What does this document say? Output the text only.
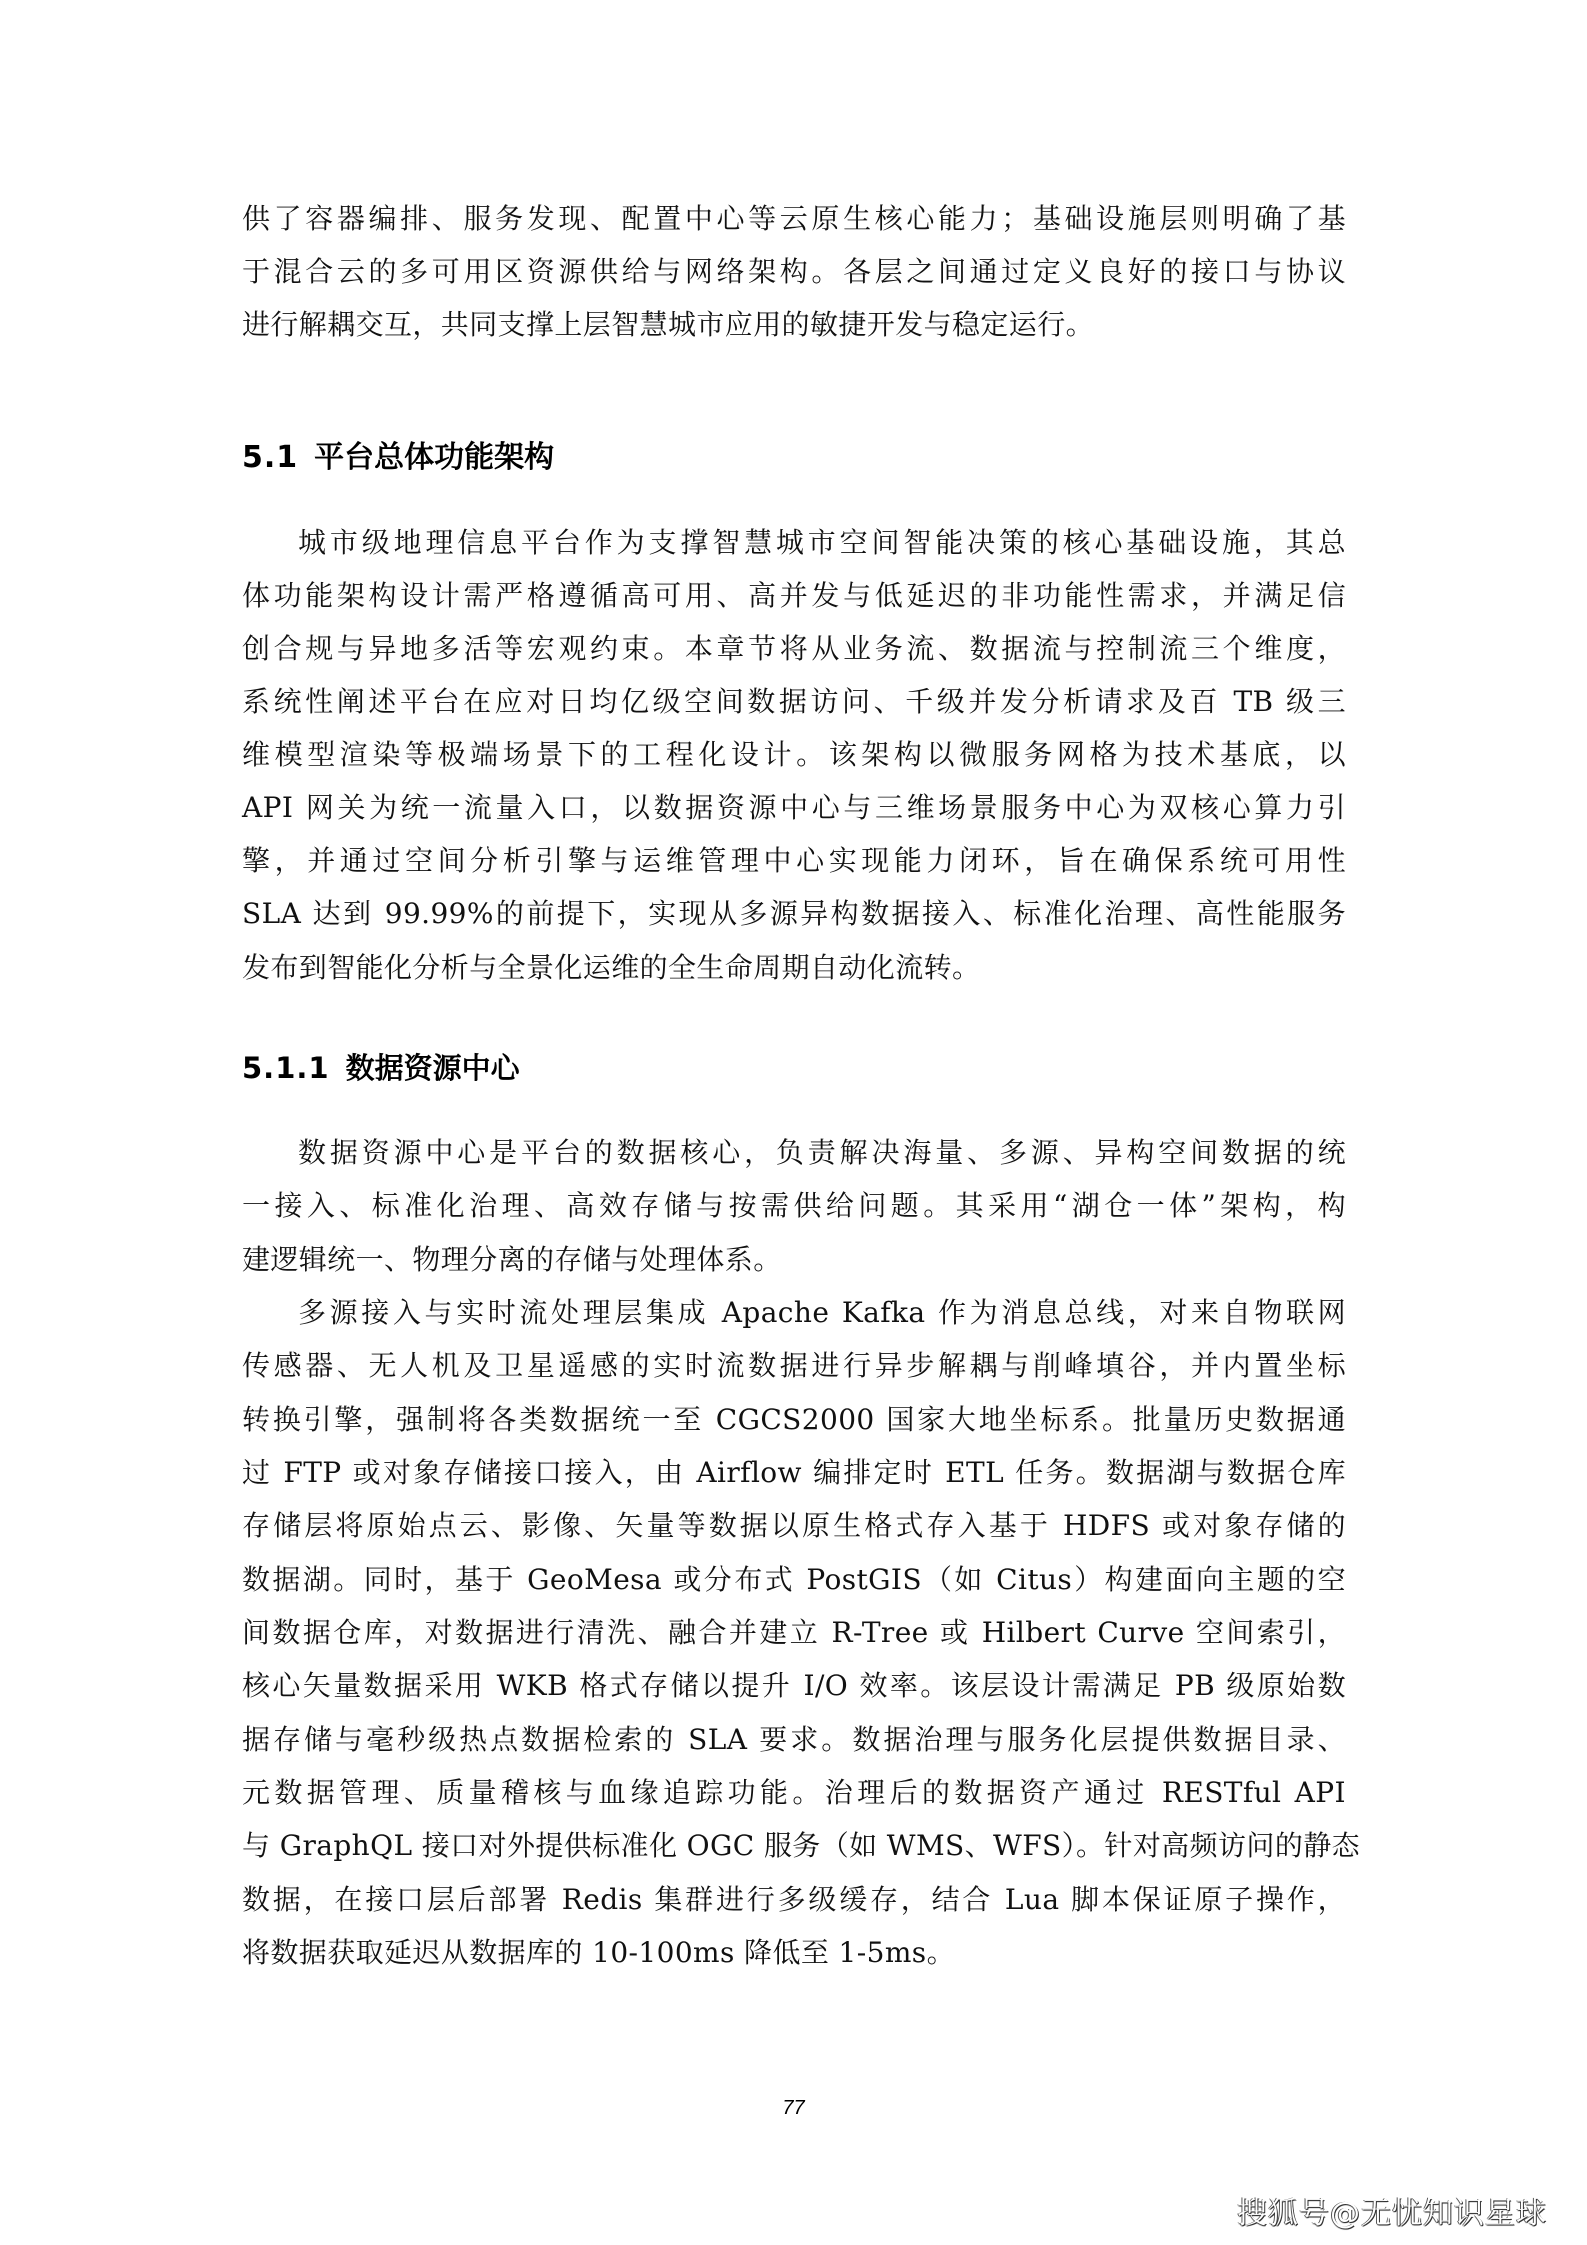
供了容器编排、服务发现、配置中心等云原生核心能力；基础设施层则明确了基
于混合云的多可用区资源供给与网络架构。各层之间通过定义良好的接口与协议
进行解耦交互，共同支撑上层智慧城市应用的敏捷开发与稳定运行。
5.1 平台总体功能架构
城市级地理信息平台作为支撑智慧城市空间智能决策的核心基础设施，其总
体功能架构设计需严格遵循高可用、高并发与低延迟的非功能性需求，并满足信
创合规与异地多活等宏观约束。本章节将从业务流、数据流与控制流三个维度，
系统性阐述平台在应对日均亿级空间数据访问、千级并发分析请求及百 TB 级三
维模型渲染等极端场景下的工程化设计。该架构以微服务网格为技术基底，以
API 网关为统一流量入口，以数据资源中心与三维场景服务中心为双核心算力引
擎，并通过空间分析引擎与运维管理中心实现能力闭环，旨在确保系统可用性
SLA 达到 99.99%的前提下，实现从多源异构数据接入、标准化治理、高性能服务
发布到智能化分析与全景化运维的全生命周期自动化流转。
5.1.1 数据资源中心
数据资源中心是平台的数据核心，负责解决海量、多源、异构空间数据的统
一接入、标准化治理、高效存储与按需供给问题。其采用“湖仓一体”架构，构
建逻辑统一、物理分离的存储与处理体系。
多源接入与实时流处理层集成 Apache Kafka 作为消息总线，对来自物联网
传感器、无人机及卫星遥感的实时流数据进行异步解耦与削峰填谷，并内置坐标
转换引擎，强制将各类数据统一至 CGCS2000 国家大地坐标系。批量历史数据通
过 FTP 或对象存储接口接入，由 Airflow 编排定时 ETL 任务。数据湖与数据仓库
存储层将原始点云、影像、矢量等数据以原生格式存入基于 HDFS 或对象存储的
数据湖。同时，基于 GeoMesa 或分布式 PostGIS（如 Citus）构建面向主题的空
间数据仓库，对数据进行清洗、融合并建立 R-Tree 或 Hilbert Curve 空间索引，
核心矢量数据采用 WKB 格式存储以提升 I/O 效率。该层设计需满足 PB 级原始数
据存储与毫秒级热点数据检索的 SLA 要求。数据治理与服务化层提供数据目录、
元数据管理、质量稽核与血缘追踪功能。治理后的数据资产通过 RESTful API
与 GraphQL 接口对外提供标准化 OGC 服务（如 WMS、WFS）。针对高频访问的静态
数据，在接口层后部署 Redis 集群进行多级缓存，结合 Lua 脚本保证原子操作，
将数据获取延迟从数据库的 10-100ms 降低至 1-5ms。
77
搜狐号@无忧知识星球
